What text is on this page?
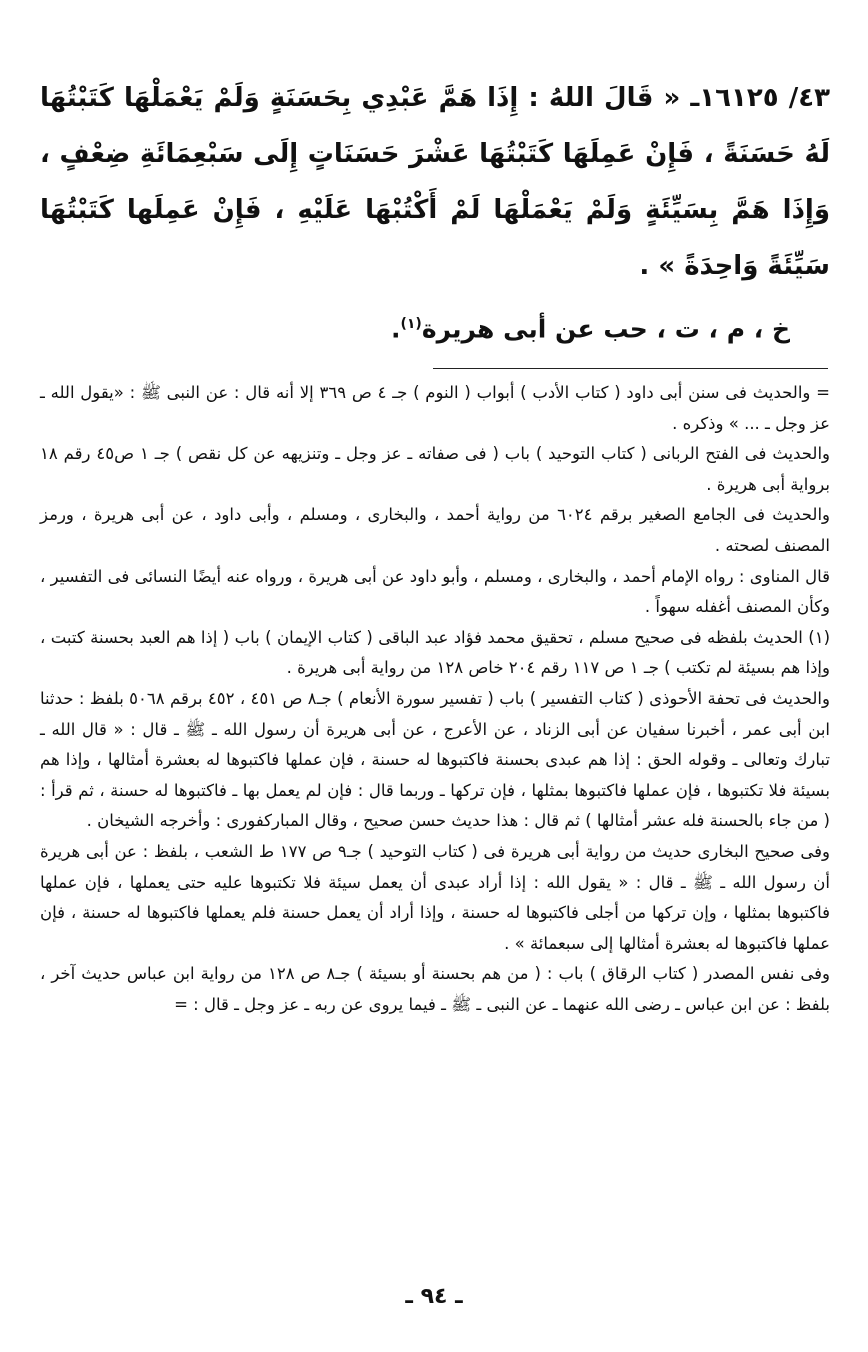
٤٣/ ١٦١٢٥ـ « قَالَ اللهُ : إِذَا هَمَّ عَبْدِي بِحَسَنَةٍ وَلَمْ يَعْمَلْهَا كَتَبْتُهَا لَهُ حَسَنَةً ، فَإِنْ عَمِلَهَا كَتَبْتُهَا عَشْرَ حَسَنَاتٍ إِلَى سَبْعِمَائَةِ ضِعْفٍ ، وَإِذَا هَمَّ بِسَيِّئَةٍ وَلَمْ يَعْمَلْهَا لَمْ أَكْتُبْهَا عَلَيْهِ ، فَإِنْ عَمِلَها كَتَبْتُهَا سَيِّئَةً وَاحِدَةً » .

خ ، م ، ت ، حب عن أبى هريرة$^{(١)}$.

= والحديث فى سنن أبى داود ( كتاب الأدب ) أبواب ( النوم ) جـ ٤ ص ٣٦٩ إلا أنه قال : عن النبى ﷺ : «يقول الله ـ عز وجل ـ ... » وذكره .

والحديث فى الفتح الربانى ( كتاب التوحيد ) باب ( فى صفاته ـ عز وجل ـ وتنزيهه عن كل نقص ) جـ ١ ص٤٥ رقم ١٨ برواية أبى هريرة .

والحديث فى الجامع الصغير برقم ٦٠٢٤ من رواية أحمد ، والبخارى ، ومسلم ، وأبى داود ، عن أبى هريرة ، ورمز المصنف لصحته .

قال المناوى : رواه الإمام أحمد ، والبخارى ، ومسلم ، وأبو داود عن أبى هريرة ، ورواه عنه أيضًا النسائى فى التفسير ، وكأن المصنف أغفله سهواً .

(١) الحديث بلفظه فى صحيح مسلم ، تحقيق محمد فؤاد عبد الباقى ( كتاب الإيمان ) باب ( إذا هم العبد بحسنة كتبت ، وإذا هم بسيئة لم تكتب ) جـ ١ ص ١١٧ رقم ٢٠٤ خاص ١٢٨ من رواية أبى هريرة .

والحديث فى تحفة الأحوذى ( كتاب التفسير ) باب ( تفسير سورة الأنعام ) جـ٨ ص ٤٥١ ، ٤٥٢ برقم ٥٠٦٨ بلفظ : حدثنا ابن أبى عمر ، أخبرنا سفيان عن أبى الزناد ، عن الأعرج ، عن أبى هريرة أن رسول الله ـ ﷺ ـ قال : « قال الله ـ تبارك وتعالى ـ وقوله الحق : إذا هم عبدى بحسنة فاكتبوها له حسنة ، فإن عملها فاكتبوها له بعشرة أمثالها ، وإذا هم بسيئة فلا تكتبوها ، فإن عملها فاكتبوها بمثلها ، فإن تركها ـ وربما قال : فإن لم يعمل بها ـ فاكتبوها له حسنة ، ثم قرأ : ( من جاء بالحسنة فله عشر أمثالها ) ثم قال : هذا حديث حسن صحيح ، وقال المباركفورى : وأخرجه الشيخان .

وفى صحيح البخارى حديث من رواية أبى هريرة فى ( كتاب التوحيد ) جـ٩ ص ١٧٧ ط الشعب ، بلفظ : عن أبى هريرة أن رسول الله ـ ﷺ ـ قال : « يقول الله : إذا أراد عبدى أن يعمل سيئة فلا تكتبوها عليه حتى يعملها ، فإن عملها فاكتبوها بمثلها ، وإن تركها من أجلى فاكتبوها له حسنة ، وإذا أراد أن يعمل حسنة فلم يعملها فاكتبوها له حسنة ، فإن عملها فاكتبوها له بعشرة أمثالها إلى سبعمائة » .

وفى نفس المصدر ( كتاب الرقاق ) باب : ( من هم بحسنة أو بسيئة ) جـ٨ ص ١٢٨ من رواية ابن عباس حديث آخر ، بلفظ : عن ابن عباس ـ رضى الله عنهما ـ عن النبى ـ ﷺ ـ فيما يروى عن ربه ـ عز وجل ـ قال : =

ـ ٩٤ ـ
